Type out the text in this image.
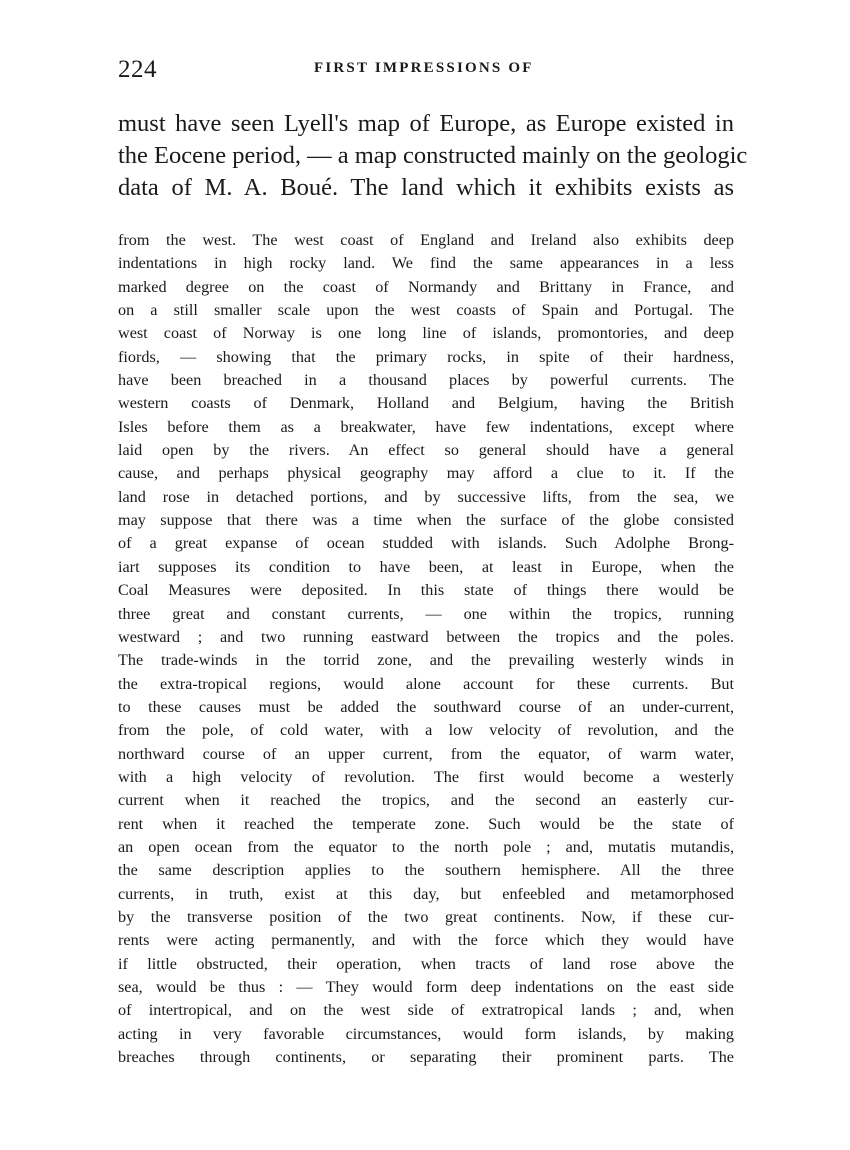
224	FIRST IMPRESSIONS OF
must have seen Lyell's map of Europe, as Europe existed in
the Eocene period, — a map constructed mainly on the geologic
data of M. A. Boué. The land which it exhibits exists as
from the west. The west coast of England and Ireland also exhibits deep
indentations in high rocky land. We find the same appearances in a less
marked degree on the coast of Normandy and Brittany in France, and
on a still smaller scale upon the west coasts of Spain and Portugal. The
west coast of Norway is one long line of islands, promontories, and deep
fiords, — showing that the primary rocks, in spite of their hardness,
have been breached in a thousand places by powerful currents. The
western coasts of Denmark, Holland and Belgium, having the British
Isles before them as a breakwater, have few indentations, except where
laid open by the rivers. An effect so general should have a general
cause, and perhaps physical geography may afford a clue to it. If the
land rose in detached portions, and by successive lifts, from the sea, we
may suppose that there was a time when the surface of the globe consisted
of a great expanse of ocean studded with islands. Such Adolphe Brong-
iart supposes its condition to have been, at least in Europe, when the
Coal Measures were deposited. In this state of things there would be
three great and constant currents, — one within the tropics, running
westward ; and two running eastward between the tropics and the poles.
The trade-winds in the torrid zone, and the prevailing westerly winds in
the extra-tropical regions, would alone account for these currents. But
to these causes must be added the southward course of an under-current,
from the pole, of cold water, with a low velocity of revolution, and the
northward course of an upper current, from the equator, of warm water,
with a high velocity of revolution. The first would become a westerly
current when it reached the tropics, and the second an easterly cur-
rent when it reached the temperate zone. Such would be the state of
an open ocean from the equator to the north pole ; and, mutatis mutandis,
the same description applies to the southern hemisphere. All the three
currents, in truth, exist at this day, but enfeebled and metamorphosed
by the transverse position of the two great continents. Now, if these cur-
rents were acting permanently, and with the force which they would have
if little obstructed, their operation, when tracts of land rose above the
sea, would be thus : — They would form deep indentations on the east side
of intertropical, and on the west side of extratropical lands ; and, when
acting in very favorable circumstances, would form islands, by making
breaches through continents, or separating their prominent parts. The
